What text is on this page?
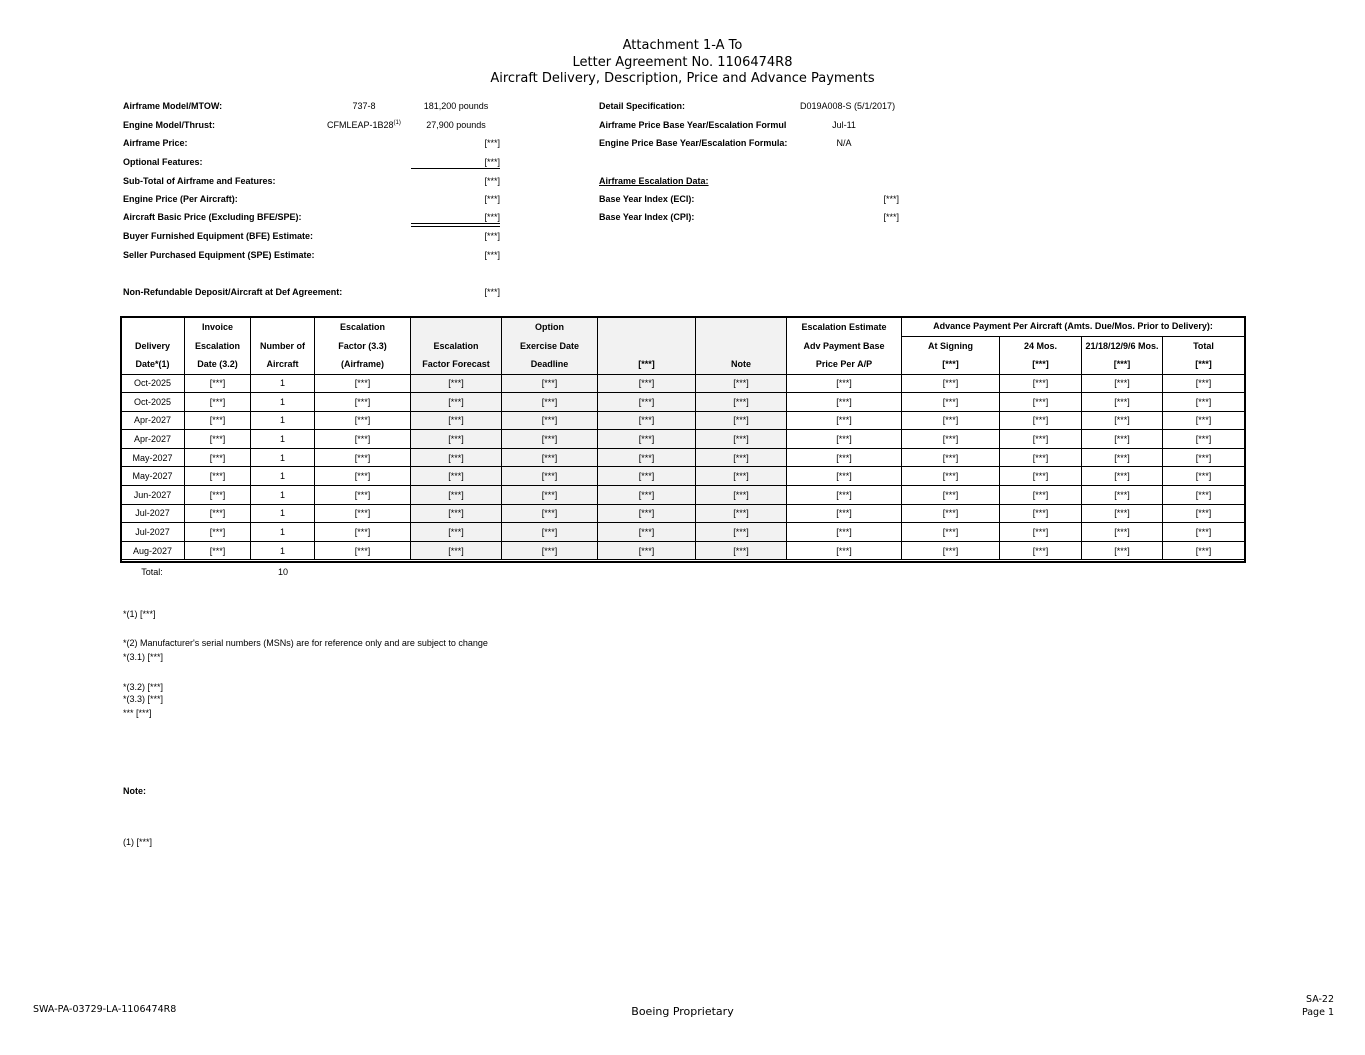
Attachment 1-A To
Letter Agreement No. 1106474R8
Aircraft Delivery, Description, Price and Advance Payments
Airframe Model/MTOW:	737-8	181,200 pounds
Engine Model/Thrust:	CFMLEAP-1B28$^{(1)}$	27,900 pounds
Airframe Price:	[***]
Optional Features:	[***]
Sub-Total of Airframe and Features:	[***]
Engine Price (Per Aircraft):	[***]
Aircraft Basic Price (Excluding BFE/SPE):	[***]
Buyer Furnished Equipment (BFE) Estimate:	[***]
Seller Purchased Equipment (SPE) Estimate:	[***]
Non-Refundable Deposit/Aircraft at Def Agreement:	[***]
Detail Specification:	D019A008-S (5/1/2017)
Airframe Price Base Year/Escalation Formul	Jul-11
Engine Price Base Year/Escalation Formula:	N/A
Airframe Escalation Data:
Base Year Index (ECI):	[***]
Base Year Index (CPI):	[***]
	Invoice		Escalation		Option			Escalation Estimate	Advance Payment Per Aircraft (Amts. Due/Mos. Prior to Delivery):			
Delivery	Escalation	Number of	Factor (3.3)	Escalation	Exercise Date			Adv Payment Base	At Signing	24 Mos.	21/18/12/9/6 Mos.	Total
Date*(1)	Date (3.2)	Aircraft	(Airframe)	Factor Forecast	Deadline	[***]	Note	Price Per A/P	[***]	[***]	[***]	[***]
Oct-2025	[***]	1	[***]	[***]	[***]	[***]	[***]	[***]	[***]	[***]	[***]	[***]
Oct-2025	[***]	1	[***]	[***]	[***]	[***]	[***]	[***]	[***]	[***]	[***]	[***]
Apr-2027	[***]	1	[***]	[***]	[***]	[***]	[***]	[***]	[***]	[***]	[***]	[***]
Apr-2027	[***]	1	[***]	[***]	[***]	[***]	[***]	[***]	[***]	[***]	[***]	[***]
May-2027	[***]	1	[***]	[***]	[***]	[***]	[***]	[***]	[***]	[***]	[***]	[***]
May-2027	[***]	1	[***]	[***]	[***]	[***]	[***]	[***]	[***]	[***]	[***]	[***]
Jun-2027	[***]	1	[***]	[***]	[***]	[***]	[***]	[***]	[***]	[***]	[***]	[***]
Jul-2027	[***]	1	[***]	[***]	[***]	[***]	[***]	[***]	[***]	[***]	[***]	[***]
Jul-2027	[***]	1	[***]	[***]	[***]	[***]	[***]	[***]	[***]	[***]	[***]	[***]
Aug-2027	[***]	1	[***]	[***]	[***]	[***]	[***]	[***]	[***]	[***]	[***]	[***]
Total:	10
*(1) [***]
*(2) Manufacturer's serial numbers (MSNs) are for reference only and are subject to change
*(3.1) [***]
*(3.2) [***]
*(3.3) [***]
*** [***]
Note:
(1) [***]
SWA-PA-03729-LA-1106474R8	Boeing Proprietary
SA-22
Page 1
